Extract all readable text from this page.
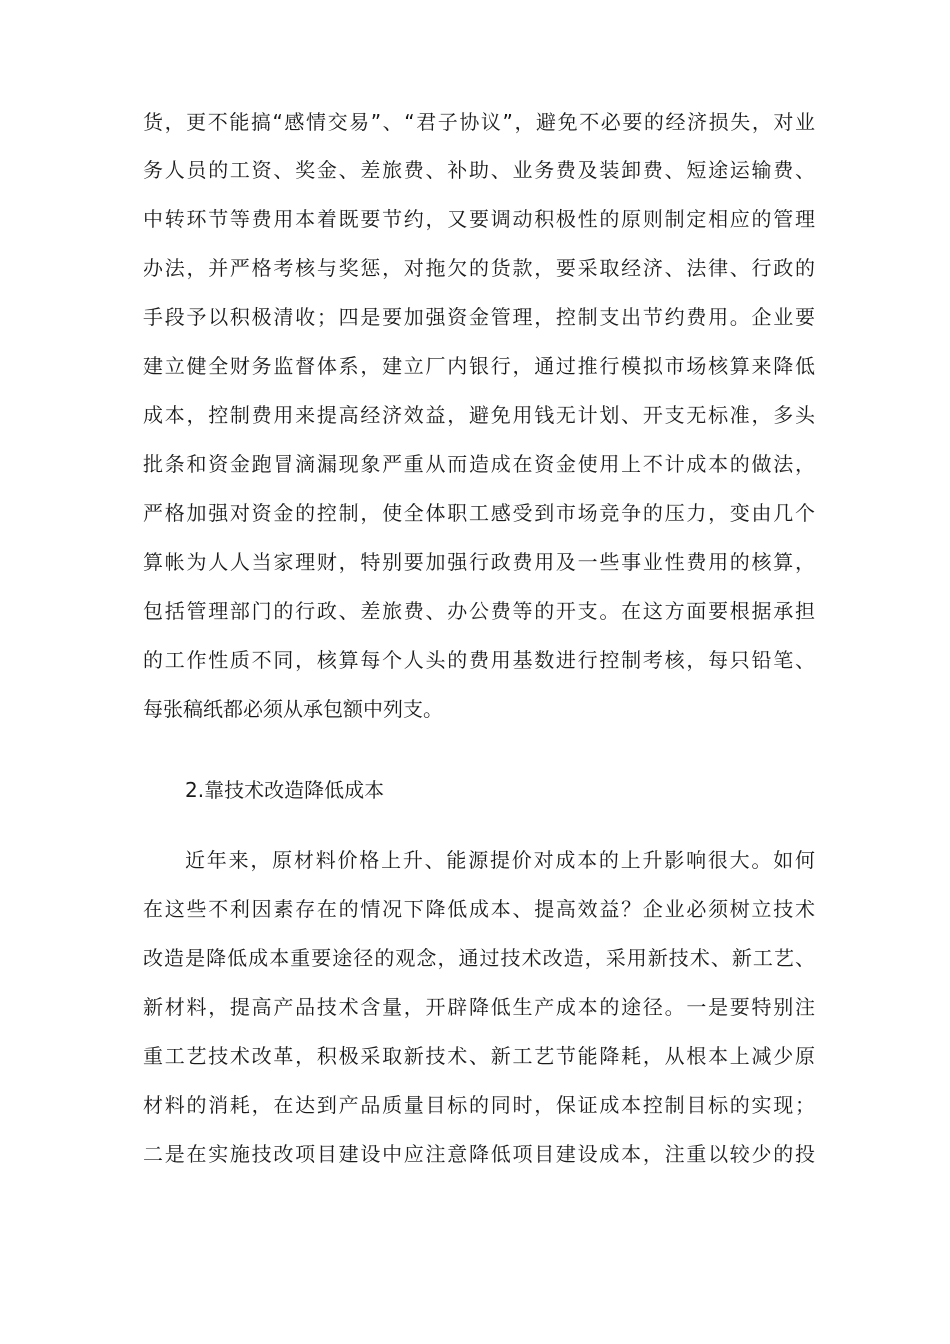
货，更不能搞“感情交易”、“君子协议”，避免不必要的经济损失，对业
务人员的工资、奖金、差旅费、补助、业务费及装卸费、短途运输费、
中转环节等费用本着既要节约，又要调动积极性的原则制定相应的管理
办法，并严格考核与奖惩，对拖欠的货款，要采取经济、法律、行政的
手段予以积极清收；四是要加强资金管理，控制支出节约费用。企业要
建立健全财务监督体系，建立厂内银行，通过推行模拟市场核算来降低
成本，控制费用来提高经济效益，避免用钱无计划、开支无标准，多头
批条和资金跑冒滴漏现象严重从而造成在资金使用上不计成本的做法，
严格加强对资金的控制，使全体职工感受到市场竞争的压力，变由几个
算帐为人人当家理财，特别要加强行政费用及一些事业性费用的核算，
包括管理部门的行政、差旅费、办公费等的开支。在这方面要根据承担
的工作性质不同，核算每个人头的费用基数进行控制考核，每只铅笔、
每张稿纸都必须从承包额中列支。
2.靠技术改造降低成本
近年来，原材料价格上升、能源提价对成本的上升影响很大。如何
在这些不利因素存在的情况下降低成本、提高效益？企业必须树立技术
改造是降低成本重要途径的观念，通过技术改造，采用新技术、新工艺、
新材料，提高产品技术含量，开辟降低生产成本的途径。一是要特别注
重工艺技术改革，积极采取新技术、新工艺节能降耗，从根本上减少原
材料的消耗，在达到产品质量目标的同时，保证成本控制目标的实现；
二是在实施技改项目建设中应注意降低项目建设成本，注重以较少的投
